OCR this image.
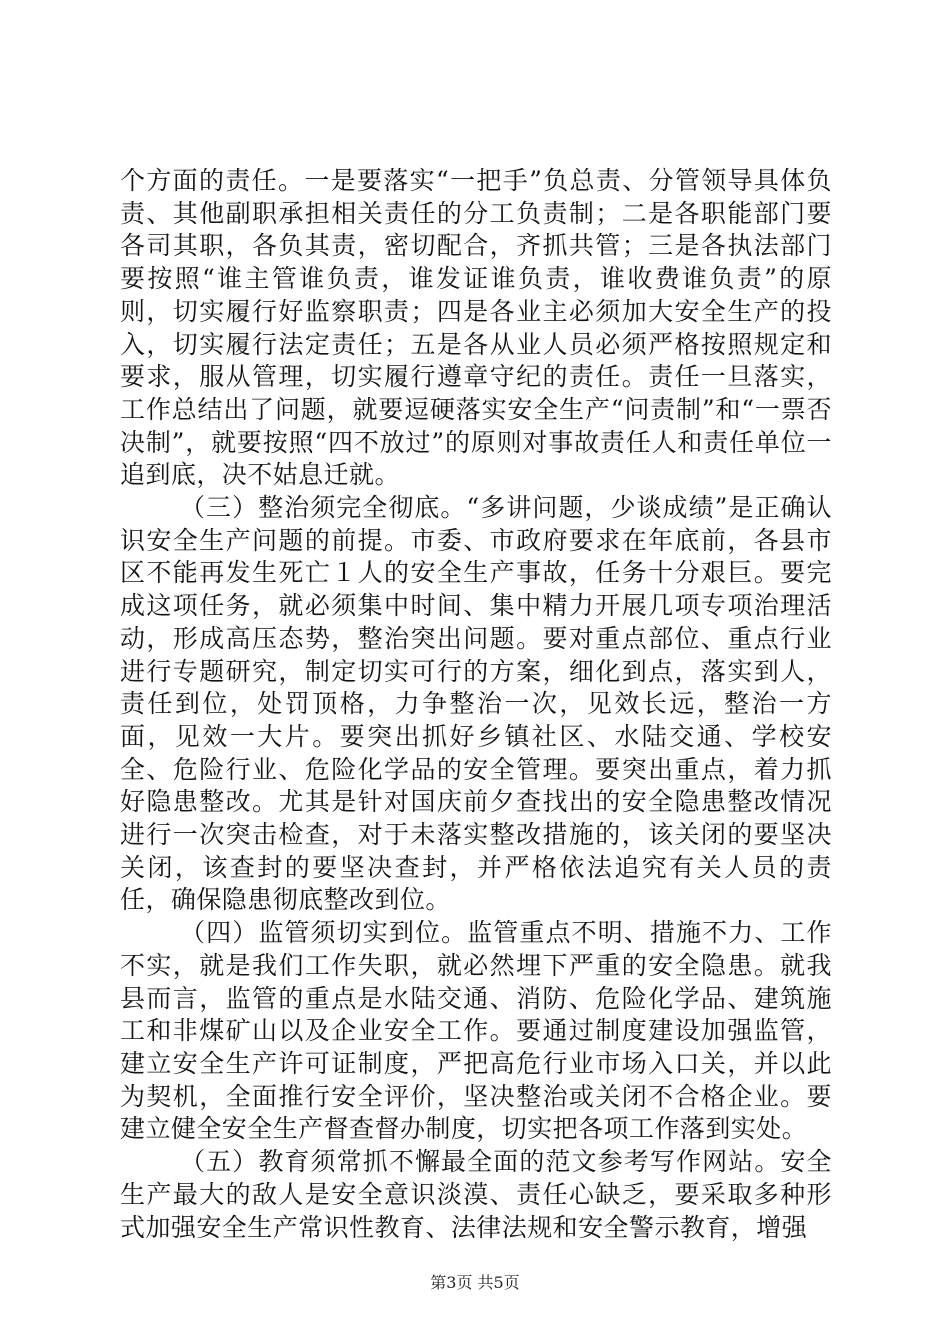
个方面的责任。一是要落实“一把手”负总责、分管领导具体负责、其他副职承担相关责任的分工负责制；二是各职能部门要各司其职，各负其责，密切配合，齐抓共管；三是各执法部门要按照“谁主管谁负责，谁发证谁负责，谁收费谁负责”的原则，切实履行好监察职责；四是各业主必须加大安全生产的投入，切实履行法定责任；五是各从业人员必须严格按照规定和要求，服从管理，切实履行遵章守纪的责任。责任一旦落实，工作总结出了问题，就要逗硬落实安全生产“问责制”和“一票否决制”，就要按照“四不放过”的原则对事故责任人和责任单位一追到底，决不姑息迁就。

（三）整治须完全彻底。“多讲问题，少谈成绩”是正确认识安全生产问题的前提。市委、市政府要求在年底前，各县市区不能再发生死亡１人的安全生产事故，任务十分艰巨。要完成这项任务，就必须集中时间、集中精力开展几项专项治理活动，形成高压态势，整治突出问题。要对重点部位、重点行业进行专题研究，制定切实可行的方案，细化到点，落实到人，责任到位，处罚顶格，力争整治一次，见效长远，整治一方面，见效一大片。要突出抓好乡镇社区、水陆交通、学校安全、危险行业、危险化学品的安全管理。要突出重点，着力抓好隐患整改。尤其是针对国庆前夕查找出的安全隐患整改情况进行一次突击检查，对于未落实整改措施的，该关闭的要坚决关闭，该查封的要坚决查封，并严格依法追究有关人员的责任，确保隐患彻底整改到位。

（四）监管须切实到位。监管重点不明、措施不力、工作不实，就是我们工作失职，就必然埋下严重的安全隐患。就我县而言，监管的重点是水陆交通、消防、危险化学品、建筑施工和非煤矿山以及企业安全工作。要通过制度建设加强监管，建立安全生产许可证制度，严把高危行业市场入口关，并以此为契机，全面推行安全评价，坚决整治或关闭不合格企业。要建立健全安全生产督查督办制度，切实把各项工作落到实处。

（五）教育须常抓不懈最全面的范文参考写作网站。安全生产最大的敌人是安全意识淡漠、责任心缺乏，要采取多种形式加强安全生产常识性教育、法律法规和安全警示教育，增强

第3页 共5页
